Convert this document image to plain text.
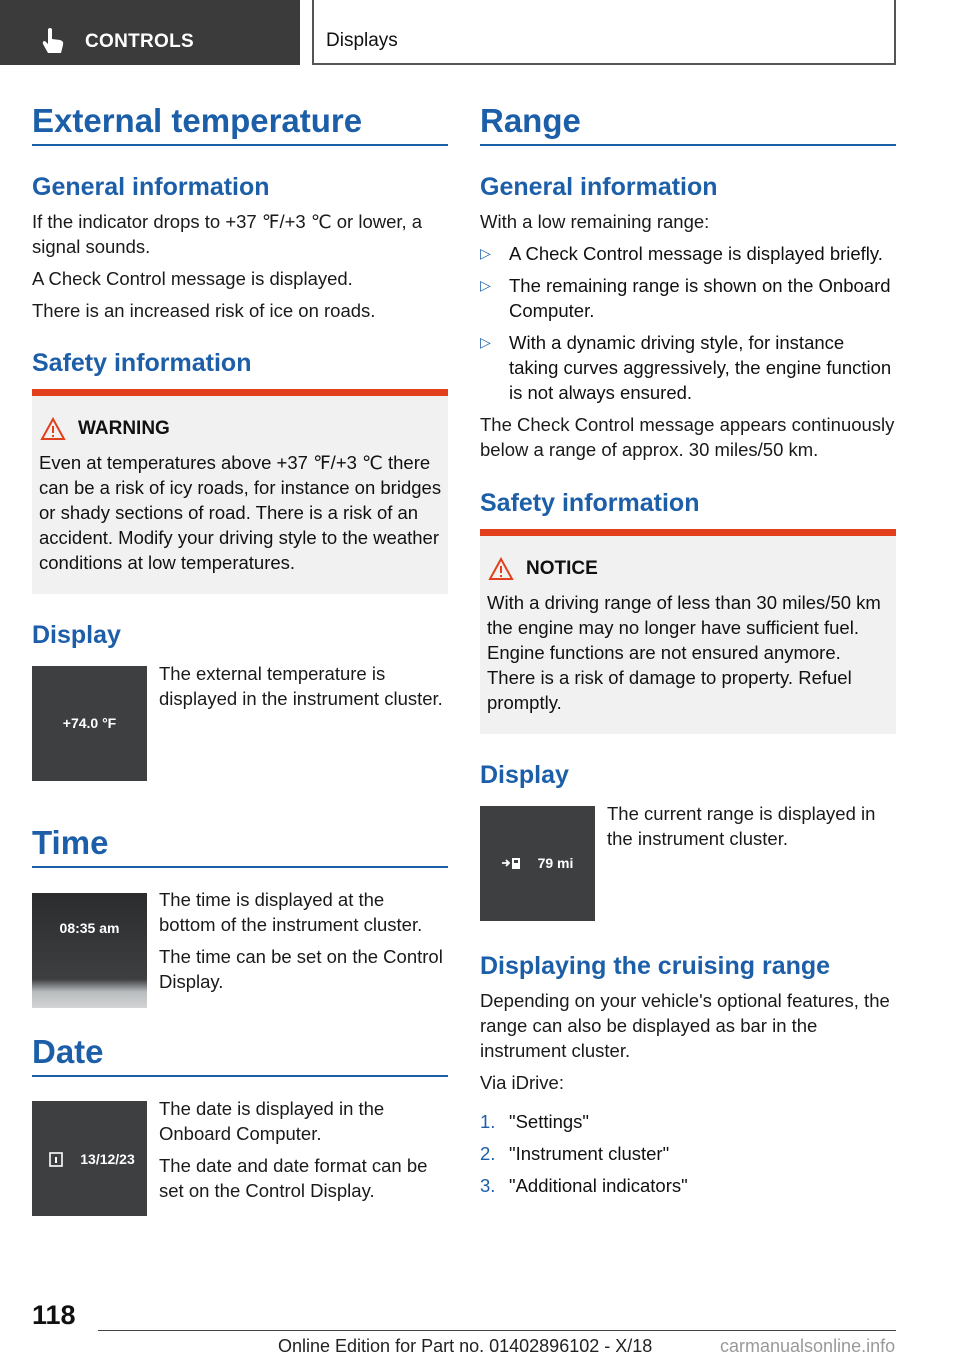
CONTROLS	Displays
External temperature
General information
If the indicator drops to +37 ℉/+3 ℃ or lower, a signal sounds.
A Check Control message is displayed.
There is an increased risk of ice on roads.
Safety information
WARNING
Even at temperatures above +37 ℉/+3 ℃ there can be a risk of icy roads, for instance on bridges or shady sections of road. There is a risk of an accident. Modify your driving style to the weather conditions at low temperatures.
Display
+74.0 °F
The external temperature is displayed in the instrument cluster.
Time
08:35 am
The time is displayed at the bottom of the instrument cluster.
The time can be set on the Control Display.
Date
13/12/23
The date is displayed in the Onboard Computer.
The date and date format can be set on the Control Display.
Range
General information
With a low remaining range:
▷ A Check Control message is displayed briefly.
▷ The remaining range is shown on the Onboard Computer.
▷ With a dynamic driving style, for instance taking curves aggressively, the engine function is not always ensured.
The Check Control message appears continuously below a range of approx. 30 miles/50 km.
Safety information
NOTICE
With a driving range of less than 30 miles/50 km the engine may no longer have sufficient fuel. Engine functions are not ensured anymore. There is a risk of damage to property. Refuel promptly.
Display
79 mi
The current range is displayed in the instrument cluster.
Displaying the cruising range
Depending on your vehicle's optional features, the range can also be displayed as bar in the instrument cluster.
Via iDrive:
1. "Settings"
2. "Instrument cluster"
3. "Additional indicators"
118
Online Edition for Part no. 01402896102 - X/18	carmanualsonline.info
